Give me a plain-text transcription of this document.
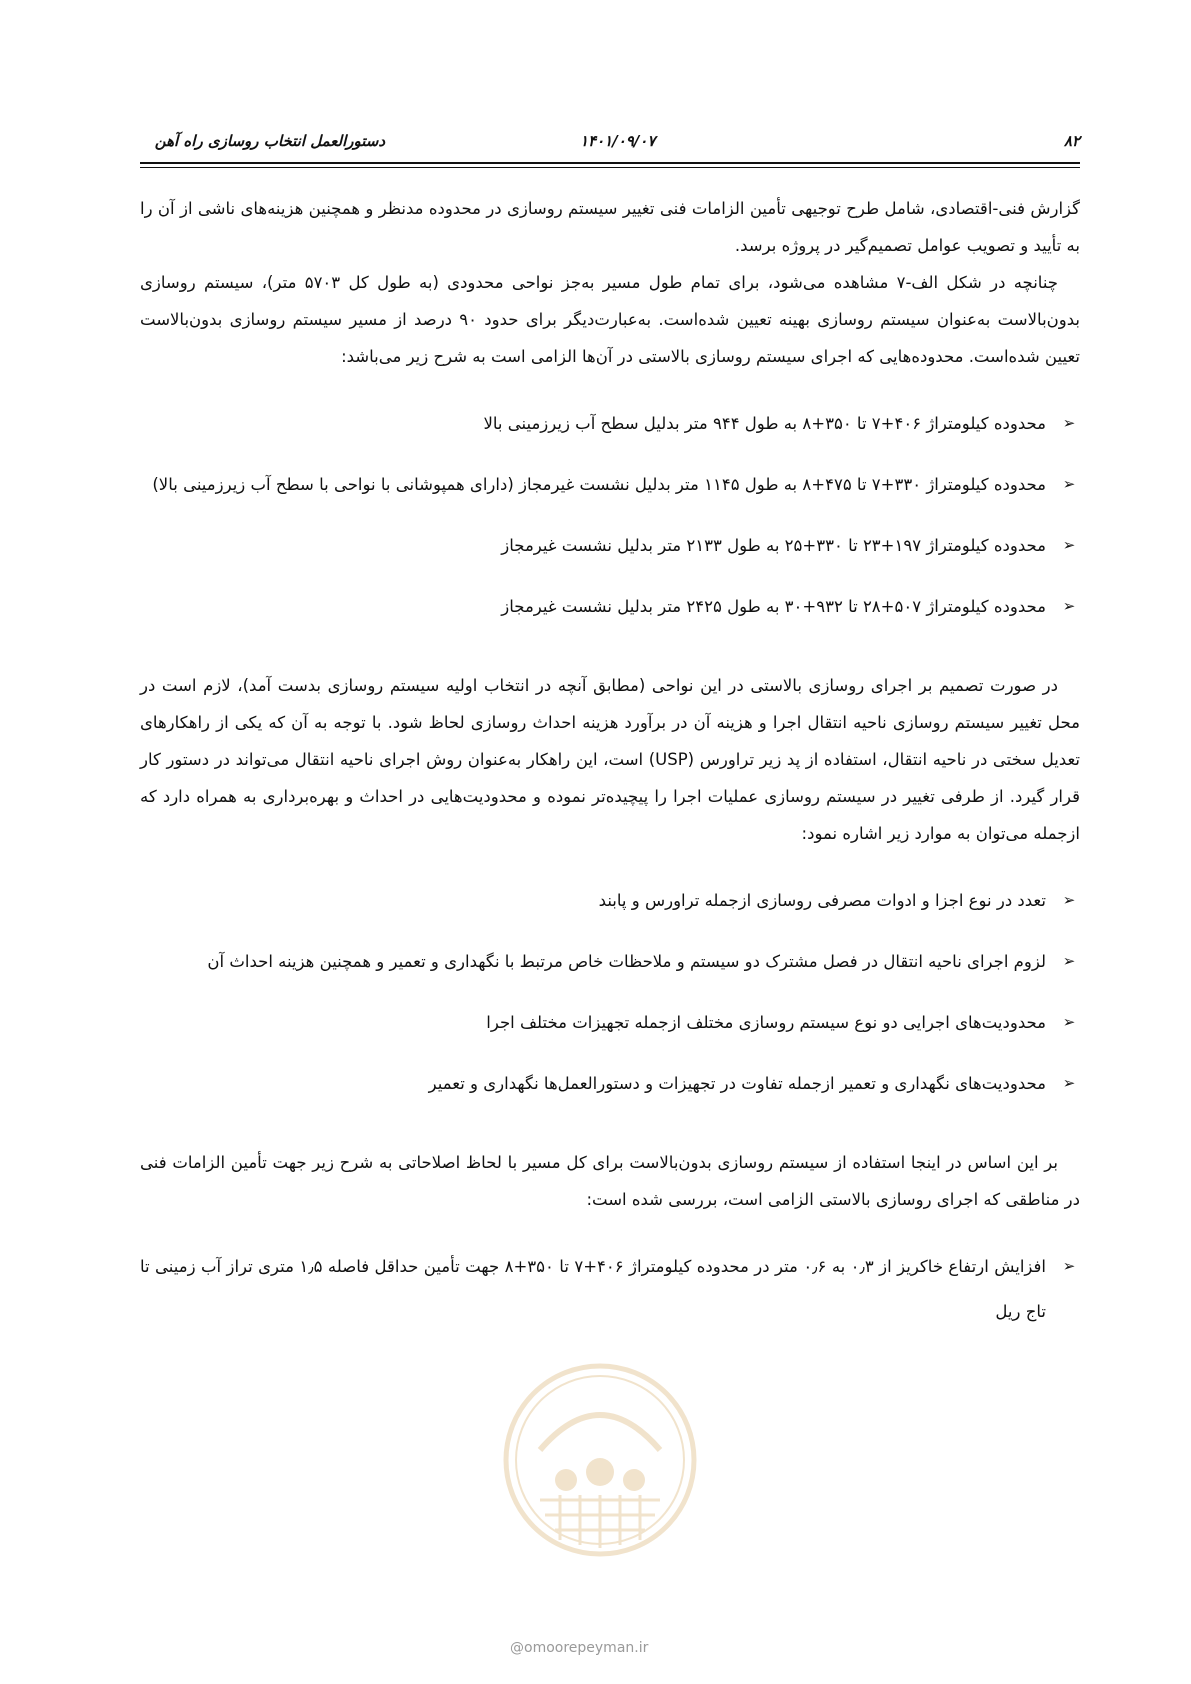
۸۲
۱۴۰۱/۰۹/۰۷
دستورالعمل انتخاب روسازی راه آهن

گزارش فنی-اقتصادی، شامل طرح توجیهی تأمین الزامات فنی تغییر سیستم روسازی در محدوده مدنظر و همچنین هزینه‌های ناشی از آن را به تأیید و تصویب عوامل تصمیم‌گیر در پروژه برسد.

چنانچه در شکل الف-۷ مشاهده می‌شود، برای تمام طول مسیر به‌جز نواحی محدودی (به طول کل ۵۷۰۳ متر)، سیستم روسازی بدون‌بالاست به‌عنوان سیستم روسازی بهینه تعیین شده‌است. به‌عبارت‌دیگر برای حدود ۹۰ درصد از مسیر سیستم روسازی بدون‌بالاست تعیین شده‌است. محدوده‌هایی که اجرای سیستم روسازی بالاستی در آن‌ها الزامی است به شرح زیر می‌باشد:

➢
محدوده کیلومتراژ ۴۰۶+۷ تا ۳۵۰+۸ به طول ۹۴۴ متر بدلیل سطح آب زیرزمینی بالا
➢
محدوده کیلومتراژ ۳۳۰+۷ تا ۴۷۵+۸ به طول ۱۱۴۵ متر بدلیل نشست غیرمجاز (دارای همپوشانی با نواحی با سطح آب زیرزمینی بالا)
➢
محدوده کیلومتراژ ۱۹۷+۲۳ تا ۳۳۰+۲۵ به طول ۲۱۳۳ متر بدلیل نشست غیرمجاز
➢
محدوده کیلومتراژ ۵۰۷+۲۸ تا ۹۳۲+۳۰ به طول ۲۴۲۵ متر بدلیل نشست غیرمجاز

در صورت تصمیم بر اجرای روسازی بالاستی در این نواحی (مطابق آنچه در انتخاب اولیه سیستم روسازی بدست آمد)، لازم است در محل تغییر سیستم روسازی ناحیه انتقال اجرا و هزینه آن در برآورد هزینه احداث روسازی لحاظ شود. با توجه به آن که یکی از راهکارهای تعدیل سختی در ناحیه انتقال، استفاده از پد زیر تراورس (USP) است، این راهکار به‌عنوان روش اجرای ناحیه انتقال می‌تواند در دستور کار قرار گیرد. از طرفی تغییر در سیستم روسازی عملیات اجرا را پیچیده‌تر نموده و محدودیت‌هایی در احداث و بهره‌برداری به همراه دارد که ازجمله می‌توان به موارد زیر اشاره نمود:

➢
تعدد در نوع اجزا و ادوات مصرفی روسازی ازجمله تراورس و پابند
➢
لزوم اجرای ناحیه انتقال در فصل مشترک دو سیستم و ملاحظات خاص مرتبط با نگهداری و تعمیر و همچنین هزینه احداث آن
➢
محدودیت‌های اجرایی دو نوع سیستم روسازی مختلف ازجمله تجهیزات مختلف اجرا
➢
محدودیت‌های نگهداری و تعمیر ازجمله تفاوت در تجهیزات و دستورالعمل‌ها نگهداری و تعمیر

بر این اساس در اینجا استفاده از سیستم روسازی بدون‌بالاست برای کل مسیر با لحاظ اصلاحاتی به شرح زیر جهت تأمین الزامات فنی در مناطقی که اجرای روسازی بالاستی الزامی است، بررسی شده است:

➢
افزایش ارتفاع خاکریز از ۰٫۳ به ۰٫۶ متر در محدوده کیلومتراژ ۴۰۶+۷ تا ۳۵۰+۸ جهت تأمین حداقل فاصله ۱٫۵ متری تراز آب زمینی تا تاج ریل
@omoorepeyman.ir
